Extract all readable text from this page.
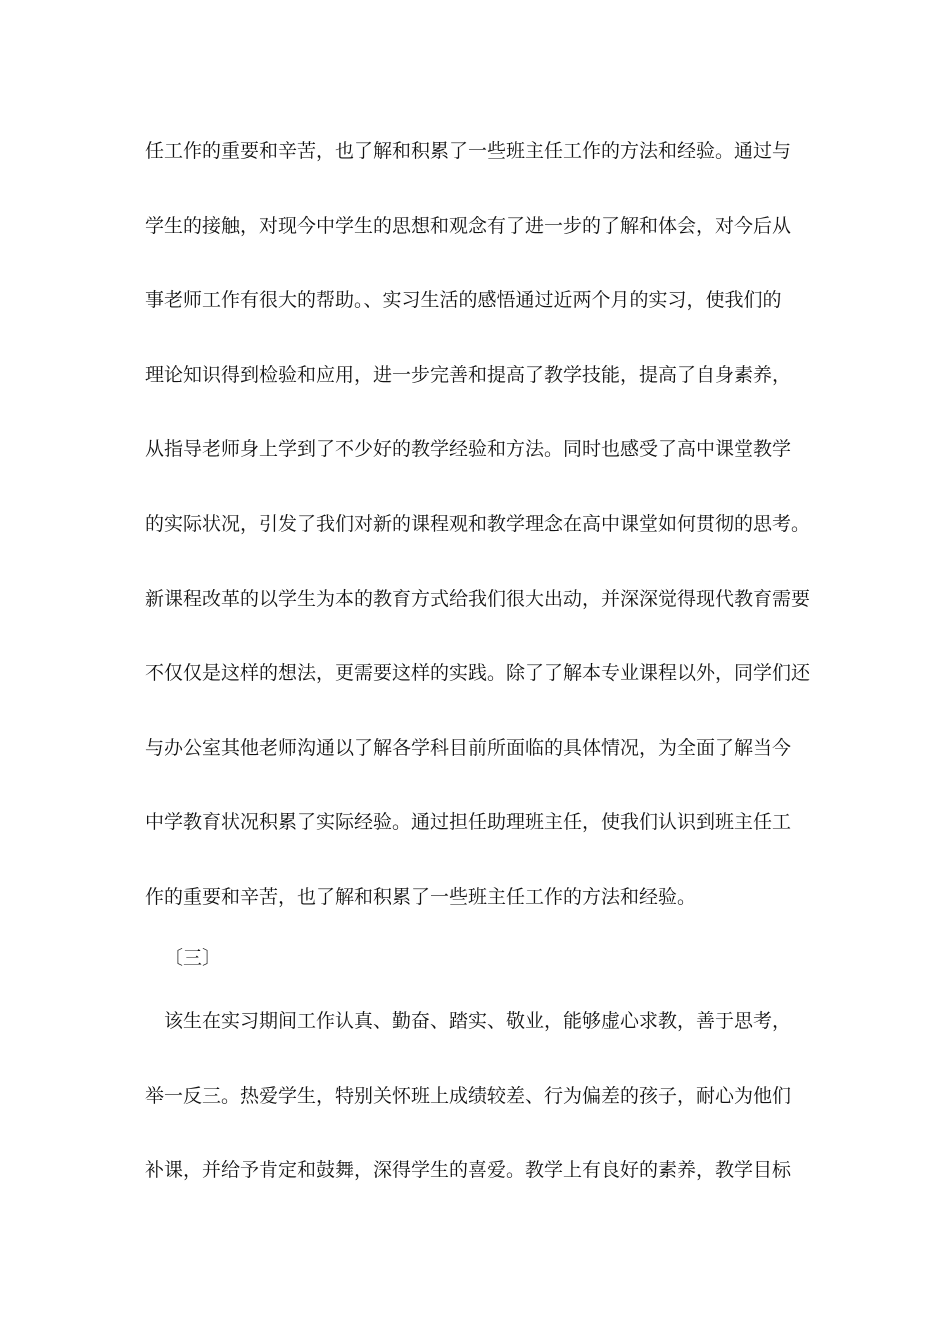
任工作的重要和辛苦，也了解和积累了一些班主任工作的方法和经验。通过与
学生的接触，对现今中学生的思想和观念有了进一步的了解和体会，对今后从
事老师工作有很大的帮助。、实习生活的感悟通过近两个月的实习，使我们的
理论知识得到检验和应用，进一步完善和提高了教学技能，提高了自身素养，
从指导老师身上学到了不少好的教学经验和方法。同时也感受了高中课堂教学
的实际状况，引发了我们对新的课程观和教学理念在高中课堂如何贯彻的思考。
新课程改革的以学生为本的教育方式给我们很大出动，并深深觉得现代教育需要
不仅仅是这样的想法，更需要这样的实践。除了了解本专业课程以外，同学们还
与办公室其他老师沟通以了解各学科目前所面临的具体情况，为全面了解当今
中学教育状况积累了实际经验。通过担任助理班主任，使我们认识到班主任工
作的重要和辛苦，也了解和积累了一些班主任工作的方法和经验。
〔三〕
该生在实习期间工作认真、勤奋、踏实、敬业，能够虚心求教，善于思考，
举一反三。热爱学生，特别关怀班上成绩较差、行为偏差的孩子，耐心为他们
补课，并给予肯定和鼓舞，深得学生的喜爱。教学上有良好的素养，教学目标
